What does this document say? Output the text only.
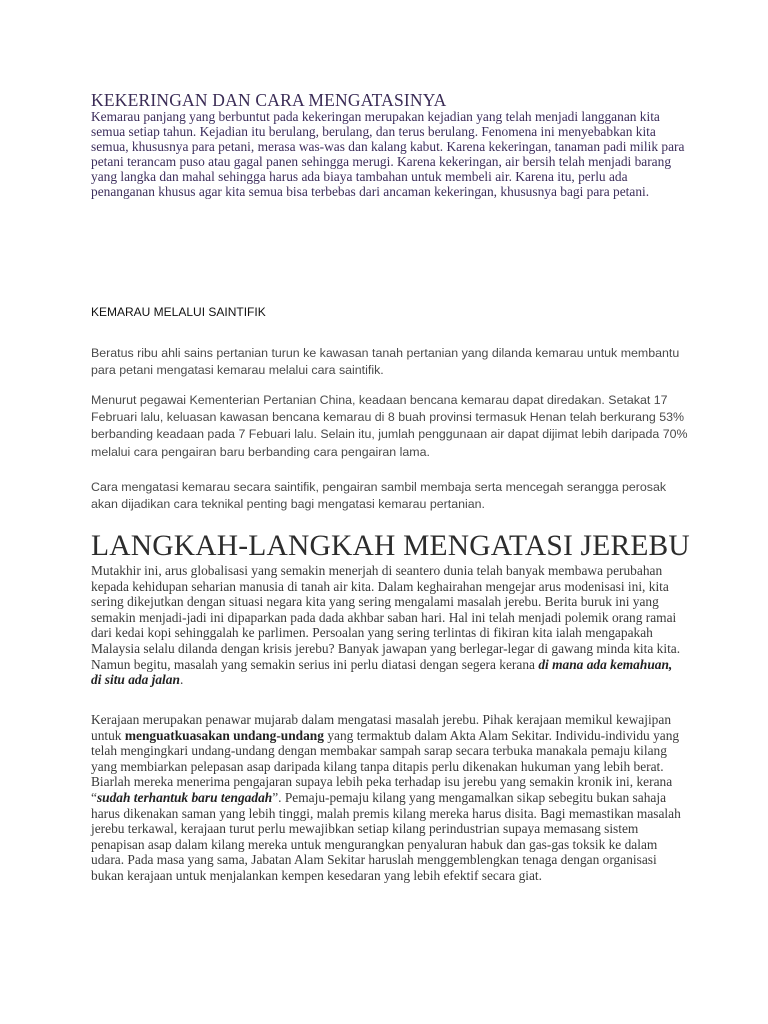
KEKERINGAN DAN CARA MENGATASINYA

Kemarau panjang yang berbuntut pada kekeringan merupakan kejadian yang telah menjadi langganan kita semua setiap tahun. Kejadian itu berulang, berulang, dan terus berulang. Fenomena ini menyebabkan kita semua, khususnya para petani, merasa was-was dan kalang kabut. Karena kekeringan, tanaman padi milik para petani terancam puso atau gagal panen sehingga merugi. Karena kekeringan, air bersih telah menjadi barang yang langka dan mahal sehingga harus ada biaya tambahan untuk membeli air. Karena itu, perlu ada penanganan khusus agar kita semua bisa terbebas dari ancaman kekeringan, khususnya bagi para petani.

KEMARAU MELALUI SAINTIFIK

Beratus ribu ahli sains pertanian turun ke kawasan tanah pertanian yang dilanda kemarau untuk membantu para petani mengatasi kemarau melalui cara saintifik.

Menurut pegawai Kementerian Pertanian China, keadaan bencana kemarau dapat diredakan. Setakat 17 Februari lalu, keluasan kawasan bencana kemarau di 8 buah provinsi termasuk Henan telah berkurang 53% berbanding keadaan pada 7 Febuari lalu. Selain itu, jumlah penggunaan air dapat dijimat lebih daripada 70% melalui cara pengairan baru berbanding cara pengairan lama.

Cara mengatasi kemarau secara saintifik, pengairan sambil membaja serta mencegah serangga perosak akan dijadikan cara teknikal penting bagi mengatasi kemarau pertanian.

LANGKAH-LANGKAH MENGATASI JEREBU

Mutakhir ini, arus globalisasi yang semakin menerjah di seantero dunia telah banyak membawa perubahan kepada kehidupan seharian manusia di tanah air kita. Dalam keghairahan mengejar arus modenisasi ini, kita sering dikejutkan dengan situasi negara kita yang sering mengalami masalah jerebu. Berita buruk ini yang semakin menjadi-jadi ini dipaparkan pada dada akhbar saban hari. Hal ini telah menjadi polemik orang ramai dari kedai kopi sehinggalah ke parlimen. Persoalan yang sering terlintas di fikiran kita ialah mengapakah Malaysia selalu dilanda dengan krisis jerebu? Banyak jawapan yang berlegar-legar di gawang minda kita kita. Namun begitu, masalah yang semakin serius ini perlu diatasi dengan segera kerana di mana ada kemahuan, di situ ada jalan.

Kerajaan merupakan penawar mujarab dalam mengatasi masalah jerebu. Pihak kerajaan memikul kewajipan untuk menguatkuasakan undang-undang yang termaktub dalam Akta Alam Sekitar. Individu-individu yang telah mengingkari undang-undang dengan membakar sampah sarap secara terbuka manakala pemaju kilang yang membiarkan pelepasan asap daripada kilang tanpa ditapis perlu dikenakan hukuman yang lebih berat. Biarlah mereka menerima pengajaran supaya lebih peka terhadap isu jerebu yang semakin kronik ini, kerana “sudah terhantuk baru tengadah”. Pemaju-pemaju kilang yang mengamalkan sikap sebegitu bukan sahaja harus dikenakan saman yang lebih tinggi, malah premis kilang mereka harus disita. Bagi memastikan masalah jerebu terkawal, kerajaan turut perlu mewajibkan setiap kilang perindustrian supaya memasang sistem penapisan asap dalam kilang mereka untuk mengurangkan penyaluran habuk dan gas-gas toksik ke dalam udara. Pada masa yang sama, Jabatan Alam Sekitar haruslah menggemblengkan tenaga dengan organisasi bukan kerajaan untuk menjalankan kempen kesedaran yang lebih efektif secara giat.
